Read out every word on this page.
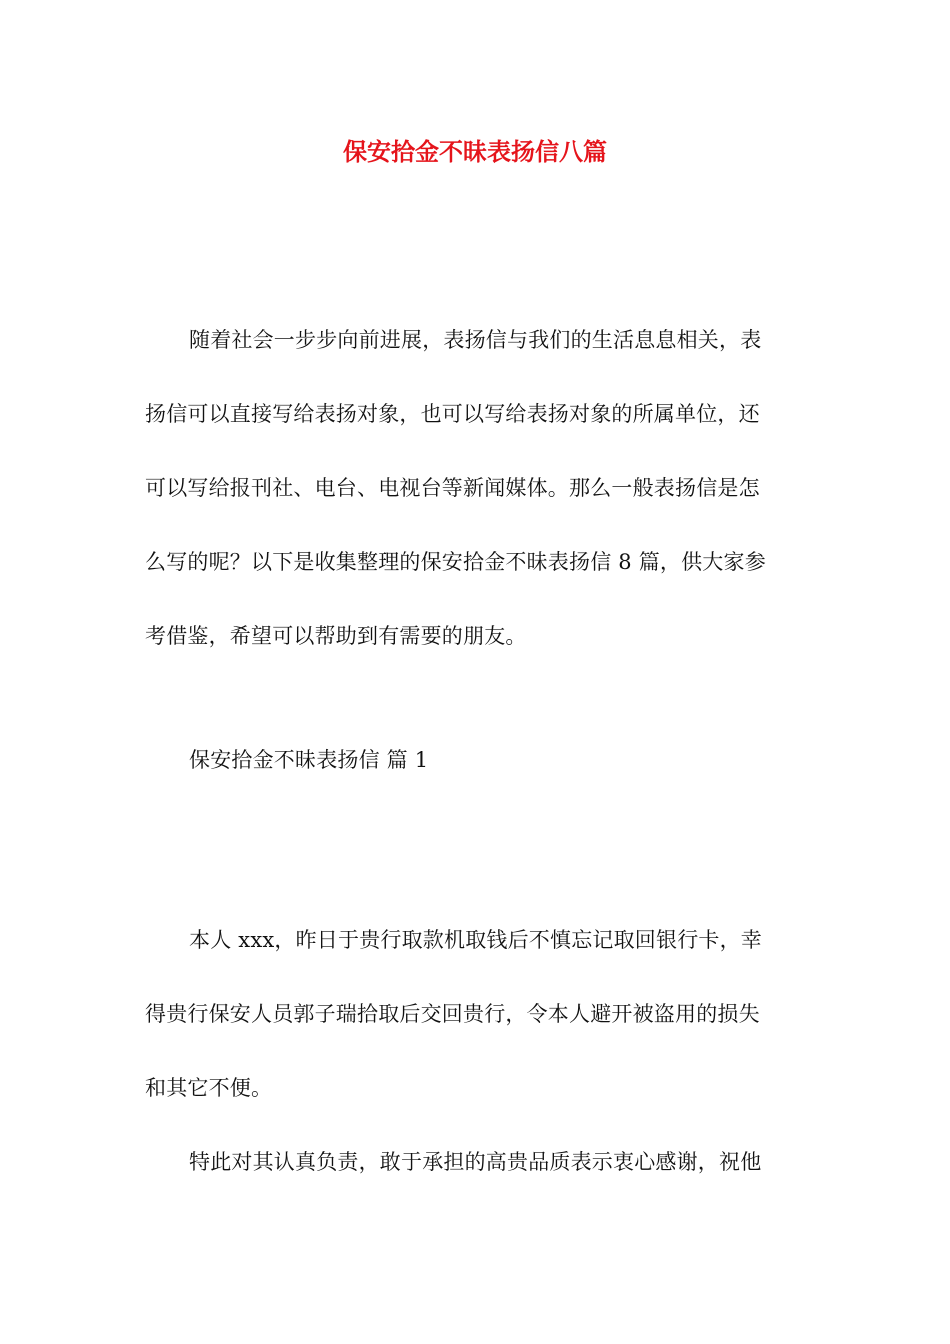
保安拾金不昧表扬信八篇

随着社会一步步向前进展，表扬信与我们的生活息息相关，表
扬信可以直接写给表扬对象，也可以写给表扬对象的所属单位，还
可以写给报刊社、电台、电视台等新闻媒体。那么一般表扬信是怎
么写的呢？以下是收集整理的保安拾金不昧表扬信 8 篇，供大家参
考借鉴，希望可以帮助到有需要的朋友。

保安拾金不昧表扬信 篇 1

本人 xxx，昨日于贵行取款机取钱后不慎忘记取回银行卡，幸
得贵行保安人员郭子瑞拾取后交回贵行，令本人避开被盗用的损失
和其它不便。

特此对其认真负责，敢于承担的高贵品质表示衷心感谢，祝他
